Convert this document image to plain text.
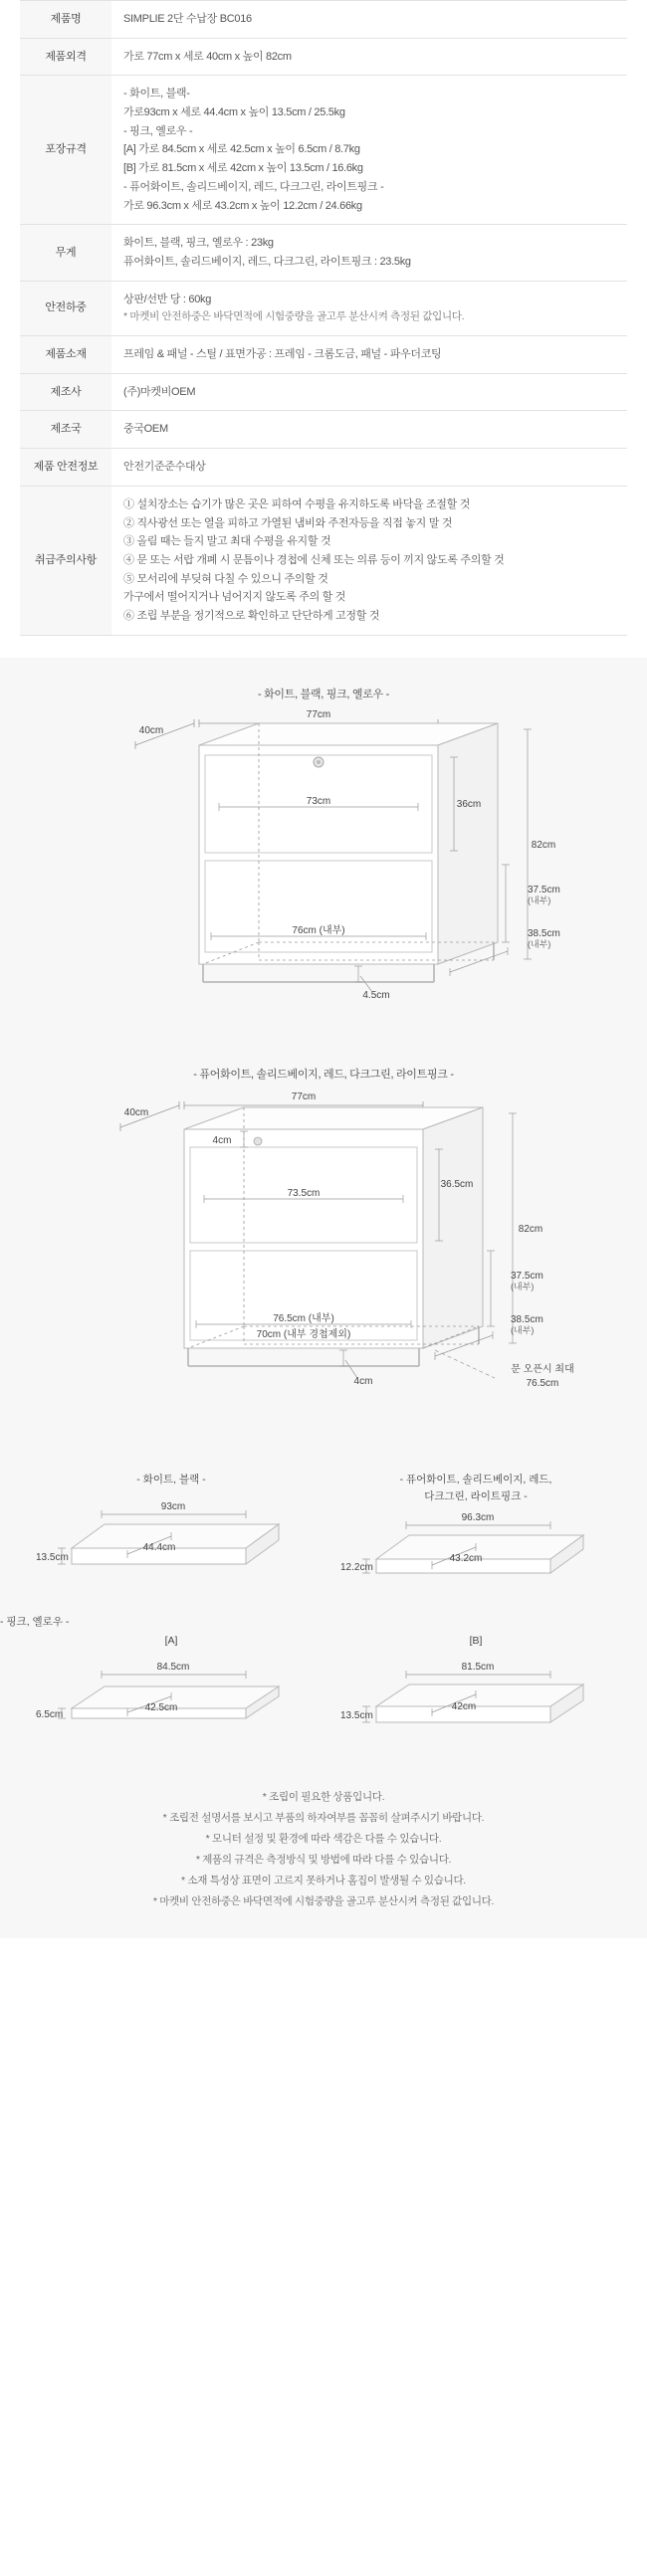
제품명	SIMPLIE 2단 수납장 BC016

제품외격	가로 77cm x 세로 40cm x 높이 82cm

포장규격	
- 화이트, 블랙-
가로93cm x 세로 44.4cm x 높이 13.5cm / 25.5kg
- 핑크, 옐로우 -
[A] 가로 84.5cm x 세로 42.5cm x 높이 6.5cm / 8.7kg
[B] 가로 81.5cm x 세로 42cm x 높이 13.5cm / 16.6kg
- 퓨어화이트, 솔리드베이지, 레드, 다크그린, 라이트핑크 -
가로 96.3cm x 세로 43.2cm x 높이 12.2cm / 24.66kg

무게	화이트, 블랙, 핑크, 옐로우 : 23kg
퓨어화이트, 솔리드베이지, 레드, 다크그린, 라이트핑크 : 23.5kg

안전하중	상판/선반 당 : 60kg
* 마켓비 안전하중은 바닥면적에 시험중량을 골고루 분산시켜 측정된 값입니다.

제품소재	프레임 & 패널 - 스틸 / 표면가공 : 프레임 - 크롬도금, 패널 - 파우더코팅

제조사	(주)마켓비OEM

제조국	중국OEM

제품 안전정보	안전기준준수대상

취급주의사항	
① 설치장소는 습기가 많은 곳은 피하여 수평을 유지하도록 바닥을 조절할 것
② 직사광선 또는 열을 피하고 가열된 냄비와 주전자등을 직접 놓지 말 것
③ 올림 때는 들지 말고 최대 수평을 유지할 것
④ 문 또는 서랍 개폐 시 문틈이나 경첩에 신체 또는 의류 등이 끼지 않도록 주의할 것
⑤ 모서리에 부딪혀 다칠 수 있으니 주의할 것
가구에서 떨어지거나 넘어지지 않도록 주의 할 것
⑥ 조립 부분을 정기적으로 확인하고 단단하게 고정할 것
- 화이트, 블랙, 핑크, 옐로우 -
40cm
77cm
36cm
73cm
82cm
37.5cm
(내부)
38.5cm
(내부)
76cm (내부)
4.5cm
- 퓨어화이트, 솔리드베이지, 레드, 다크그린, 라이트핑크 -
40cm
77cm
4cm
36.5cm
73.5cm
82cm
37.5cm
(내부)
38.5cm
(내부)
76.5cm (내부)
70cm (내부 경첩제외)
4cm
문 오픈시 최대
76.5cm
- 화이트, 블랙 -
93cm
44.4cm
13.5cm
- 퓨어화이트, 솔리드베이지, 레드,
다크그린, 라이트핑크 -
96.3cm
43.2cm
12.2cm
- 핑크, 옐로우 -
[A]
84.5cm
42.5cm
6.5cm
[B]
81.5cm
42cm
13.5cm
* 조립이 필요한 상품입니다.
* 조립전 설명서를 보시고 부품의 하자여부를 꼼꼼히 살펴주시기 바랍니다.
* 모니터 설정 및 환경에 따라 색감은 다를 수 있습니다.
* 제품의 규격은 측정방식 및 방법에 따라 다를 수 있습니다.
* 소재 특성상 표면이 고르지 못하거나 홈집이 발생될 수 있습니다.
* 마켓비 안전하중은 바닥면적에 시험중량을 골고루 분산시켜 측정된 값입니다.
